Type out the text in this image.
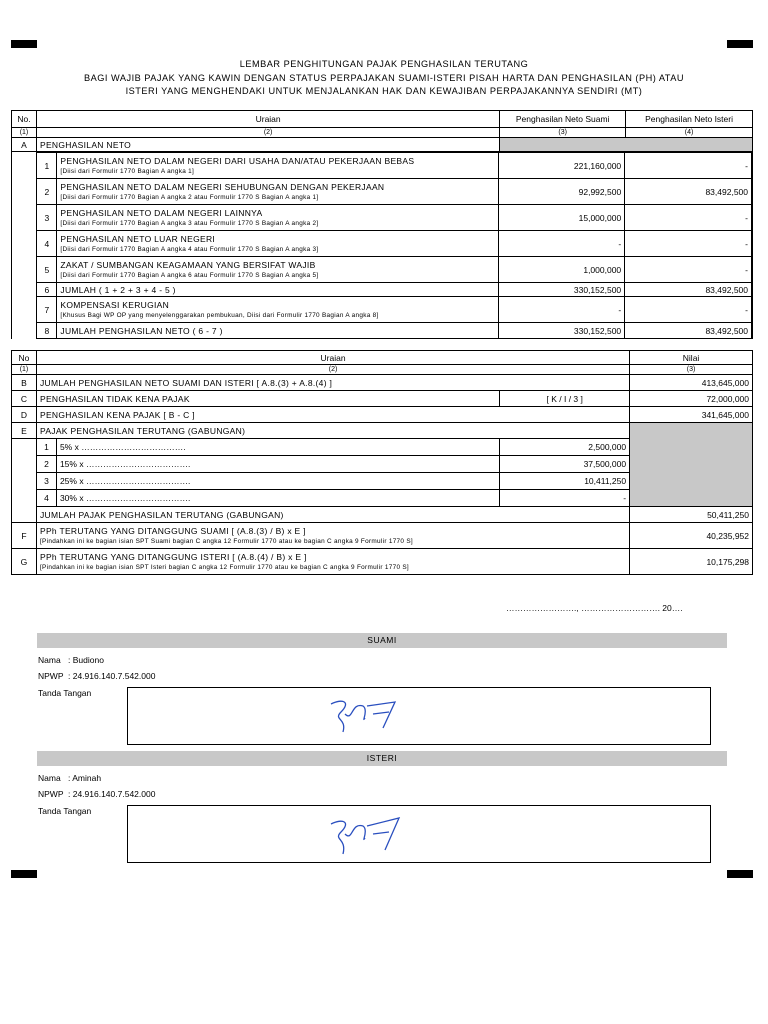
LEMBAR PENGHITUNGAN PAJAK PENGHASILAN TERUTANG
BAGI WAJIB PAJAK YANG KAWIN DENGAN STATUS PERPAJAKAN SUAMI-ISTERI PISAH HARTA DAN PENGHASILAN (PH) ATAU
ISTERI YANG MENGHENDAKI UNTUK MENJALANKAN HAK DAN KEWAJIBAN PERPAJAKANNYA SENDIRI (MT)
No.	Uraian	Penghasilan Neto Suami	Penghasilan Neto Isteri
(1)	(2)	(3)	(4)
A	PENGHASILAN NETO	

	1	PENGHASILAN NETO DALAM NEGERI DARI USAHA DAN/ATAU PEKERJAAN BEBAS
[Diisi dari Formulir 1770 Bagian A angka 1]
	221,160,000	-
	2	PENGHASILAN NETO DALAM NEGERI SEHUBUNGAN DENGAN PEKERJAAN
[Diisi dari Formulir 1770 Bagian A angka 2 atau Formulir 1770 S Bagian A angka 1]
	92,992,500	83,492,500
	3	PENGHASILAN NETO DALAM NEGERI LAINNYA
[Diisi dari Formulir 1770 Bagian A angka 3 atau Formulir 1770 S Bagian A angka 2]
	15,000,000	-
	4	PENGHASILAN NETO LUAR NEGERI
[Diisi dari Formulir 1770 Bagian A angka 4 atau Formulir 1770 S Bagian A angka 3]
	-	-
	5	ZAKAT / SUMBANGAN KEAGAMAAN YANG BERSIFAT WAJIB
[Diisi dari Formulir 1770 Bagian A angka 6 atau Formulir 1770 S Bagian A angka 5]
	1,000,000	-
	6	JUMLAH ( 1 + 2 + 3 + 4 - 5 )	330,152,500	83,492,500
	7	KOMPENSASI KERUGIAN
[Khusus Bagi WP OP yang menyelenggarakan pembukuan, Diisi dari Formulir 1770 Bagian A angka 8]
	-	-
	8	JUMLAH PENGHASILAN NETO ( 6 - 7 )	330,152,500	83,492,500
No	Uraian			Nilai
(1)	(2)			(3)
B	JUMLAH PENGHASILAN NETO SUAMI DAN ISTERI [ A.8.(3) + A.8.(4) ]			413,645,000
C	PENGHASILAN TIDAK KENA PAJAK		[ K / I / 3 ]	72,000,000
D	PENGHASILAN KENA PAJAK [ B - C ]			341,645,000
E	PAJAK PENGHASILAN TERUTANG (GABUNGAN)			
	1	5% x ……………………………….	2,500,000	
	2	15% x ……………………………….	37,500,000	
	3	25% x ……………………………….	10,411,250	
	4	30% x ……………………………….	-	
	JUMLAH PAJAK PENGHASILAN TERUTANG (GABUNGAN)			50,411,250
F	PPh TERUTANG YANG DITANGGUNG SUAMI [ (A.8.(3) / B) x E ]
[Pindahkan ini ke bagian isian SPT Suami bagian C angka 12 Formulir 1770 atau ke bagian C angka 9 Formulir 1770 S]			40,235,952
G	PPh TERUTANG YANG DITANGGUNG ISTERI [ (A.8.(4) / B) x E ]
[Pindahkan ini ke bagian isian SPT Isteri bagian C angka 12 Formulir 1770 atau ke bagian C angka 9 Formulir 1770 S]			10,175,298
……………………., ………………………. 20….
SUAMI
Nama : Budiono
NPWP : 24.916.140.7.542.000
Tanda Tangan
ISTERI
Nama : Aminah
NPWP : 24.916.140.7.542.000
Tanda Tangan
